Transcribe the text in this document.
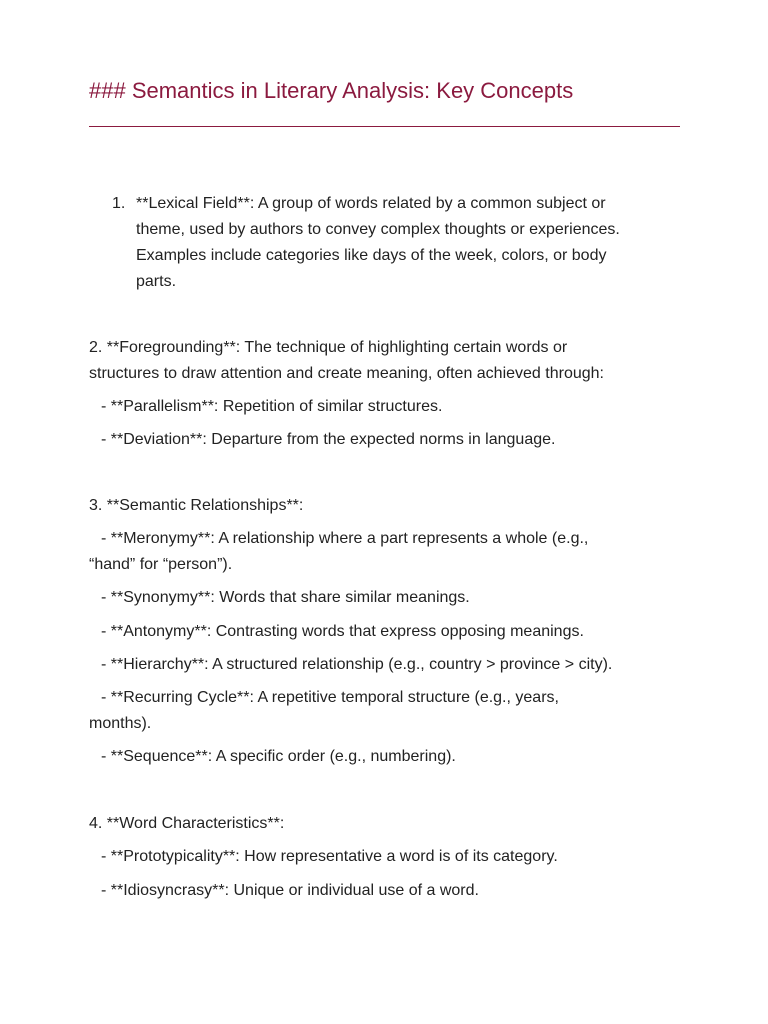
### Semantics in Literary Analysis: Key Concepts
1. **Lexical Field**: A group of words related by a common subject or
theme, used by authors to convey complex thoughts or experiences.
Examples include categories like days of the week, colors, or body
parts.
2. **Foregrounding**: The technique of highlighting certain words or
structures to draw attention and create meaning, often achieved through:
- **Parallelism**: Repetition of similar structures.
- **Deviation**: Departure from the expected norms in language.
3. **Semantic Relationships**:
- **Meronymy**: A relationship where a part represents a whole (e.g.,
“hand” for “person”).
- **Synonymy**: Words that share similar meanings.
- **Antonymy**: Contrasting words that express opposing meanings.
- **Hierarchy**: A structured relationship (e.g., country > province > city).
- **Recurring Cycle**: A repetitive temporal structure (e.g., years,
months).
- **Sequence**: A specific order (e.g., numbering).
4. **Word Characteristics**:
- **Prototypicality**: How representative a word is of its category.
- **Idiosyncrasy**: Unique or individual use of a word.
